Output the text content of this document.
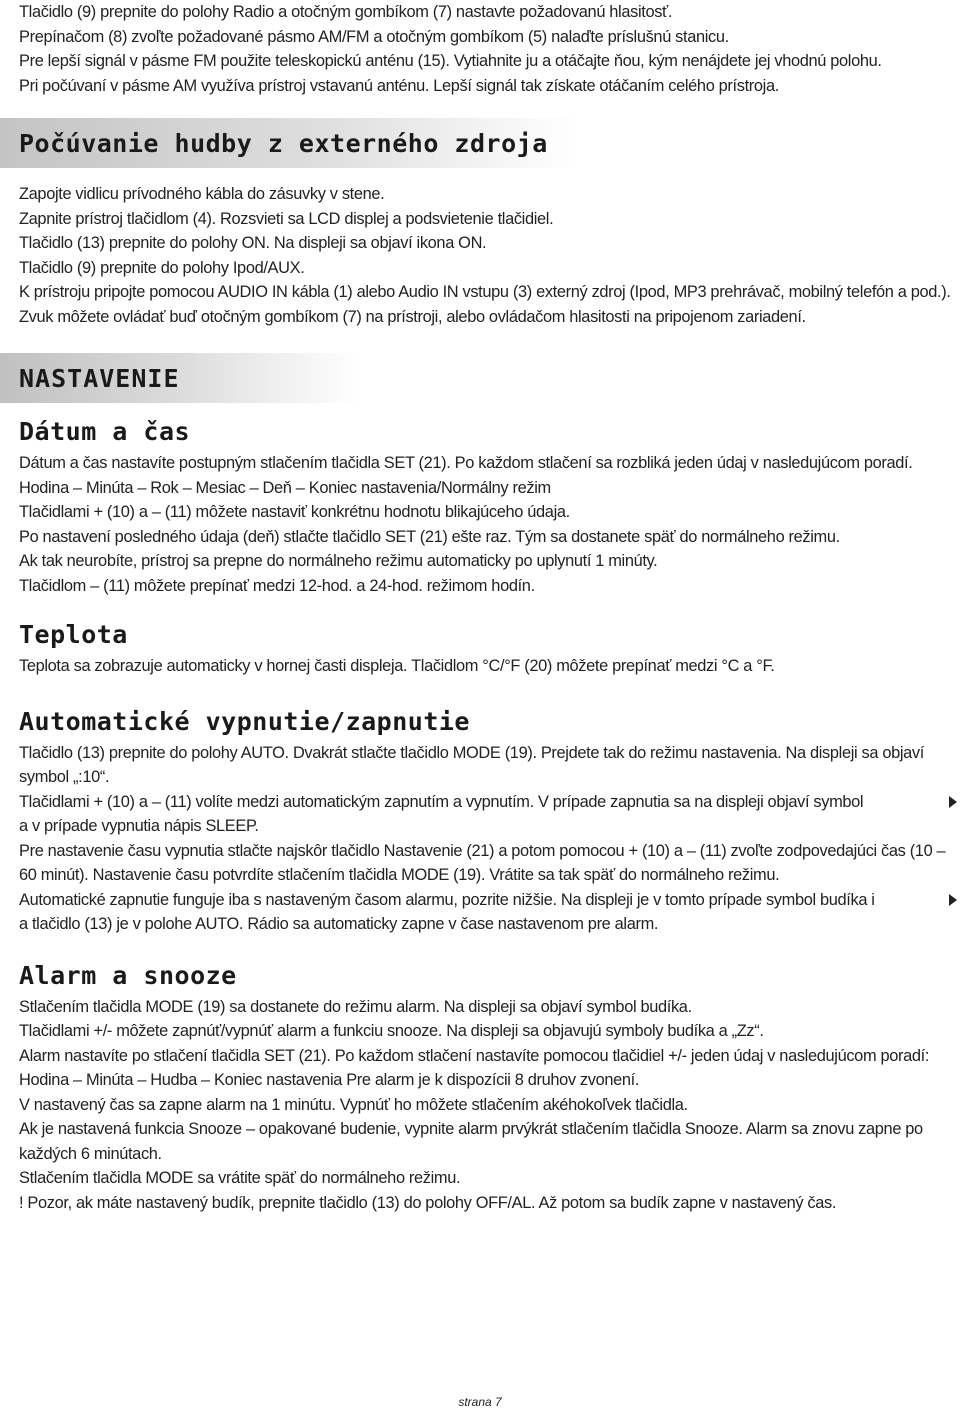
Tlačidlo (9) prepnite do polohy Radio a otočným gombíkom (7) nastavte požadovanú hlasitosť.

Prepínačom (8) zvoľte požadované pásmo AM/FM a otočným gombíkom (5) nalaďte príslušnú stanicu.

Pre lepší signál v pásme FM použite teleskopickú anténu (15). Vytiahnite ju a otáčajte ňou, kým nenájdete jej vhodnú polohu.

Pri počúvaní v pásme AM využíva prístroj vstavanú anténu. Lepší signál tak získate otáčaním celého prístroja.

Počúvanie hudby z externého zdroja

Zapojte vidlicu prívodného kábla do zásuvky v stene.

Zapnite prístroj tlačidlom (4). Rozsvieti sa LCD displej a podsvietenie tlačidiel.

Tlačidlo (13) prepnite do polohy ON. Na displeji sa objaví ikona ON.

Tlačidlo (9) prepnite do polohy Ipod/AUX.

K prístroju pripojte pomocou AUDIO IN kábla (1) alebo Audio IN vstupu (3) externý zdroj (Ipod, MP3 prehrávač, mobilný telefón a pod.).

Zvuk môžete ovládať buď otočným gombíkom (7) na prístroji, alebo ovládačom hlasitosti na pripojenom zariadení.

NASTAVENIE
Dátum a čas

Dátum a čas nastavíte postupným stlačením tlačidla SET (21). Po každom stlačení sa rozbliká jeden údaj v nasledujúcom poradí.

Hodina – Minúta – Rok – Mesiac – Deň – Koniec nastavenia/Normálny režim

Tlačidlami + (10) a – (11) môžete nastaviť konkrétnu hodnotu blikajúceho údaja.

Po nastavení posledného údaja (deň) stlačte tlačidlo SET (21) ešte raz. Tým sa dostanete späť do normálneho režimu.

Ak tak neurobíte, prístroj sa prepne do normálneho režimu automaticky po uplynutí 1 minúty.

Tlačidlom – (11) môžete prepínať medzi 12-hod. a 24-hod. režimom hodín.

Teplota

Teplota sa zobrazuje automaticky v hornej časti displeja. Tlačidlom °C/°F (20) môžete prepínať medzi °C a °F.

Automatické vypnutie/zapnutie

Tlačidlo (13) prepnite do polohy AUTO. Dvakrát stlačte tlačidlo MODE (19). Prejdete tak do režimu nastavenia. Na displeji sa objaví symbol „:10“.

Tlačidlami + (10) a – (11) volíte medzi automatickým zapnutím a vypnutím. V prípade zapnutia sa na displeji objaví symbol

a v prípade vypnutia nápis SLEEP.

Pre nastavenie času vypnutia stlačte najskôr tlačidlo Nastavenie (21) a potom pomocou + (10) a – (11) zvoľte zodpovedajúci čas (10 – 60 minút). Nastavenie času potvrdíte stlačením tlačidla MODE (19). Vrátite sa tak späť do normálneho režimu.

Automatické zapnutie funguje iba s nastaveným časom alarmu, pozrite nižšie. Na displeji je v tomto prípade symbol budíka i

a tlačidlo (13) je v polohe AUTO. Rádio sa automaticky zapne v čase nastavenom pre alarm.

Alarm a snooze

Stlačením tlačidla MODE (19) sa dostanete do režimu alarm. Na displeji sa objaví symbol budíka.

Tlačidlami +/- môžete zapnúť/vypnúť alarm a funkciu snooze. Na displeji sa objavujú symboly budíka a „Zz“.

Alarm nastavíte po stlačení tlačidla SET (21). Po každom stlačení nastavíte pomocou tlačidiel +/- jeden údaj v nasledujúcom poradí:

Hodina – Minúta – Hudba – Koniec nastavenia Pre alarm je k dispozícii 8 druhov zvonení.

V nastavený čas sa zapne alarm na 1 minútu. Vypnúť ho môžete stlačením akéhokoľvek tlačidla.

Ak je nastavená funkcia Snooze – opakované budenie, vypnite alarm prvýkrát stlačením tlačidla Snooze. Alarm sa znovu zapne po každých 6 minútach.

Stlačením tlačidla MODE sa vrátite späť do normálneho režimu.

! Pozor, ak máte nastavený budík, prepnite tlačidlo (13) do polohy OFF/AL. Až potom sa budík zapne v nastavený čas.

strana 7
